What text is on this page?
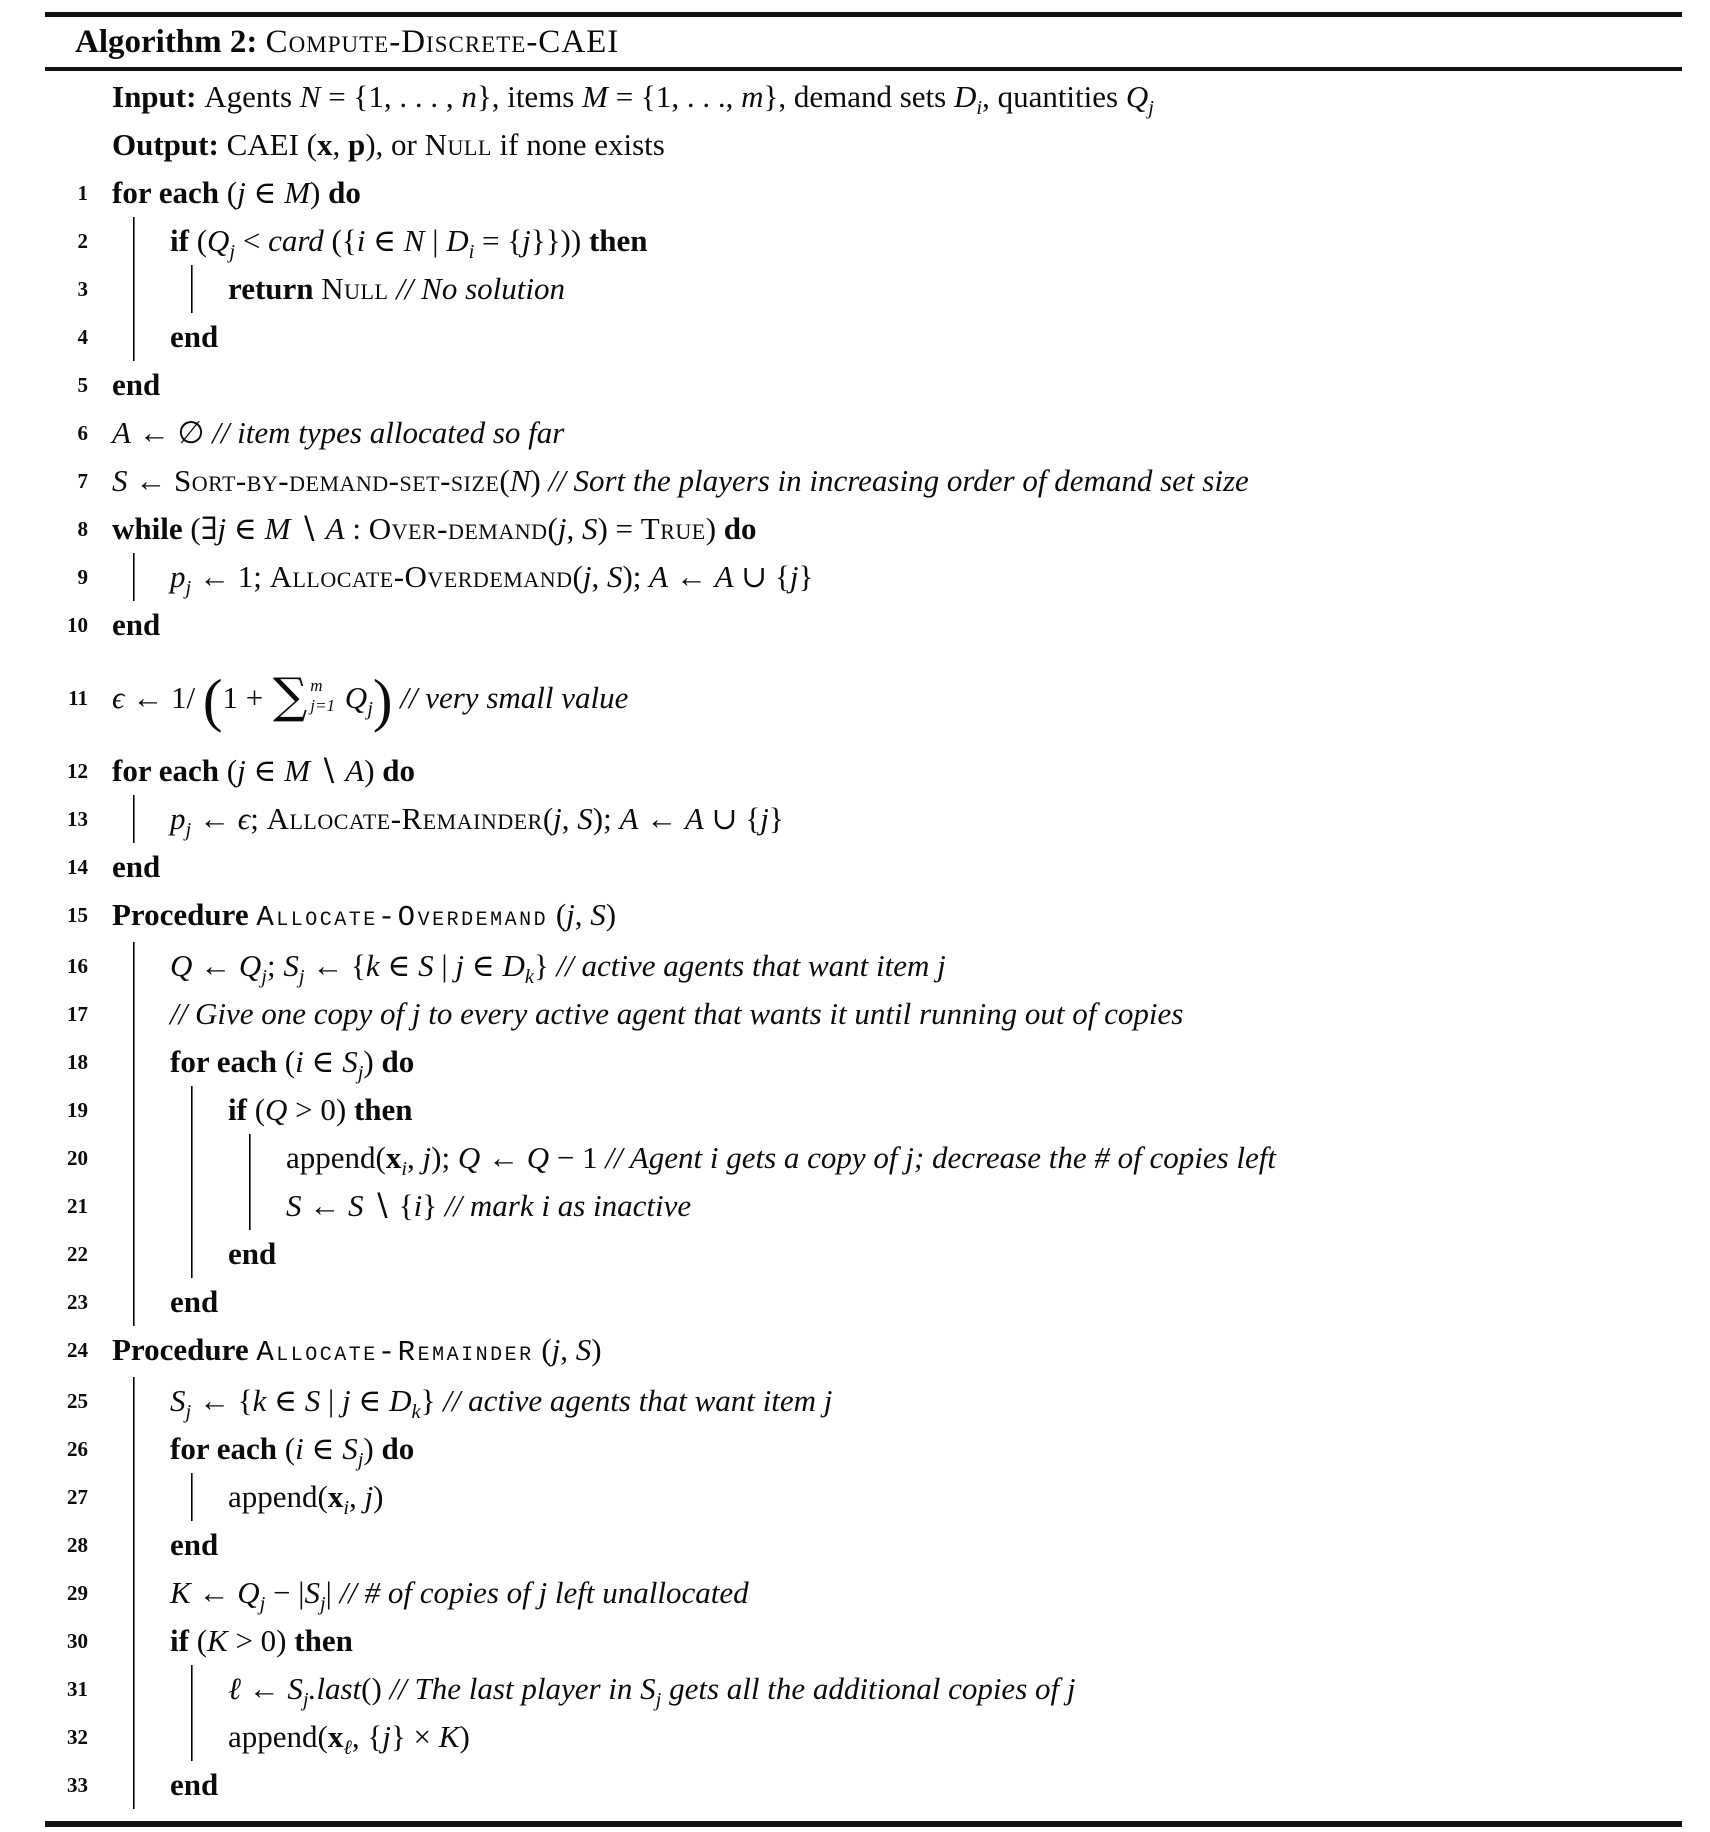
Algorithm 2: Compute-Discrete-CAEI
Input: Agents N = {1, . . . , n}, items M = {1, . . ., m}, demand sets $D_i$, quantities $Q_j$
Output: CAEI (x, p), or Null if none exists
1 for each (j ∈ M) do
2	if ($Q_j$ < card ({i ∈ N | $D_i = \{j\}$})) then
3	return Null // No solution
4	end
5 end
6 A ← ∅ // item types allocated so far
7 S ← Sort-by-demand-set-size(N) // Sort the players in increasing order of demand set size
8 while (∃j ∈ M ∖ A : Over-demand(j, S) = True) do
9	$p_j$ ← 1; Allocate-Overdemand(j, S); A ← A ∪ {j}
10 end
11 ϵ ← 1/ (1 + ∑ m
j=1 $Q_j$) // very small value
12 for each (j ∈ M ∖ A) do
13	$p_j$ ← ϵ; Allocate-Remainder(j, S); A ← A ∪ {j}
14 end
15 Procedure Allocate-Overdemand (j, S)
16	Q ← $Q_j$; $S_j$ ← {k ∈ S | j ∈ $D_k$} // active agents that want item j
17	// Give one copy of j to every active agent that wants it until running out of copies
18	for each (i ∈ $S_j$) do
19	if (Q > 0) then
20	$append(x_i$, j); Q ← Q − 1 // Agent i gets a copy of j; decrease the # of copies left
21	S ← S ∖ {i} // mark i as inactive
22	end
23	end
24 Procedure Allocate-Remainder (j, S)
25	$S_j$ ← {k ∈ S | j ∈ $D_k$} // active agents that want item j
26	for each (i ∈ $S_j$) do
27	$append(x_i$, j)
28	end
29	K ← $Q_j - |S_j|$ // # of copies of j left unallocated
30	if (K > 0) then
31	ℓ ← $S_j.last()$ // The last player in $S_j$ gets all the additional copies of j
32	$append(x_\ell$, {j} × K)
33	end
